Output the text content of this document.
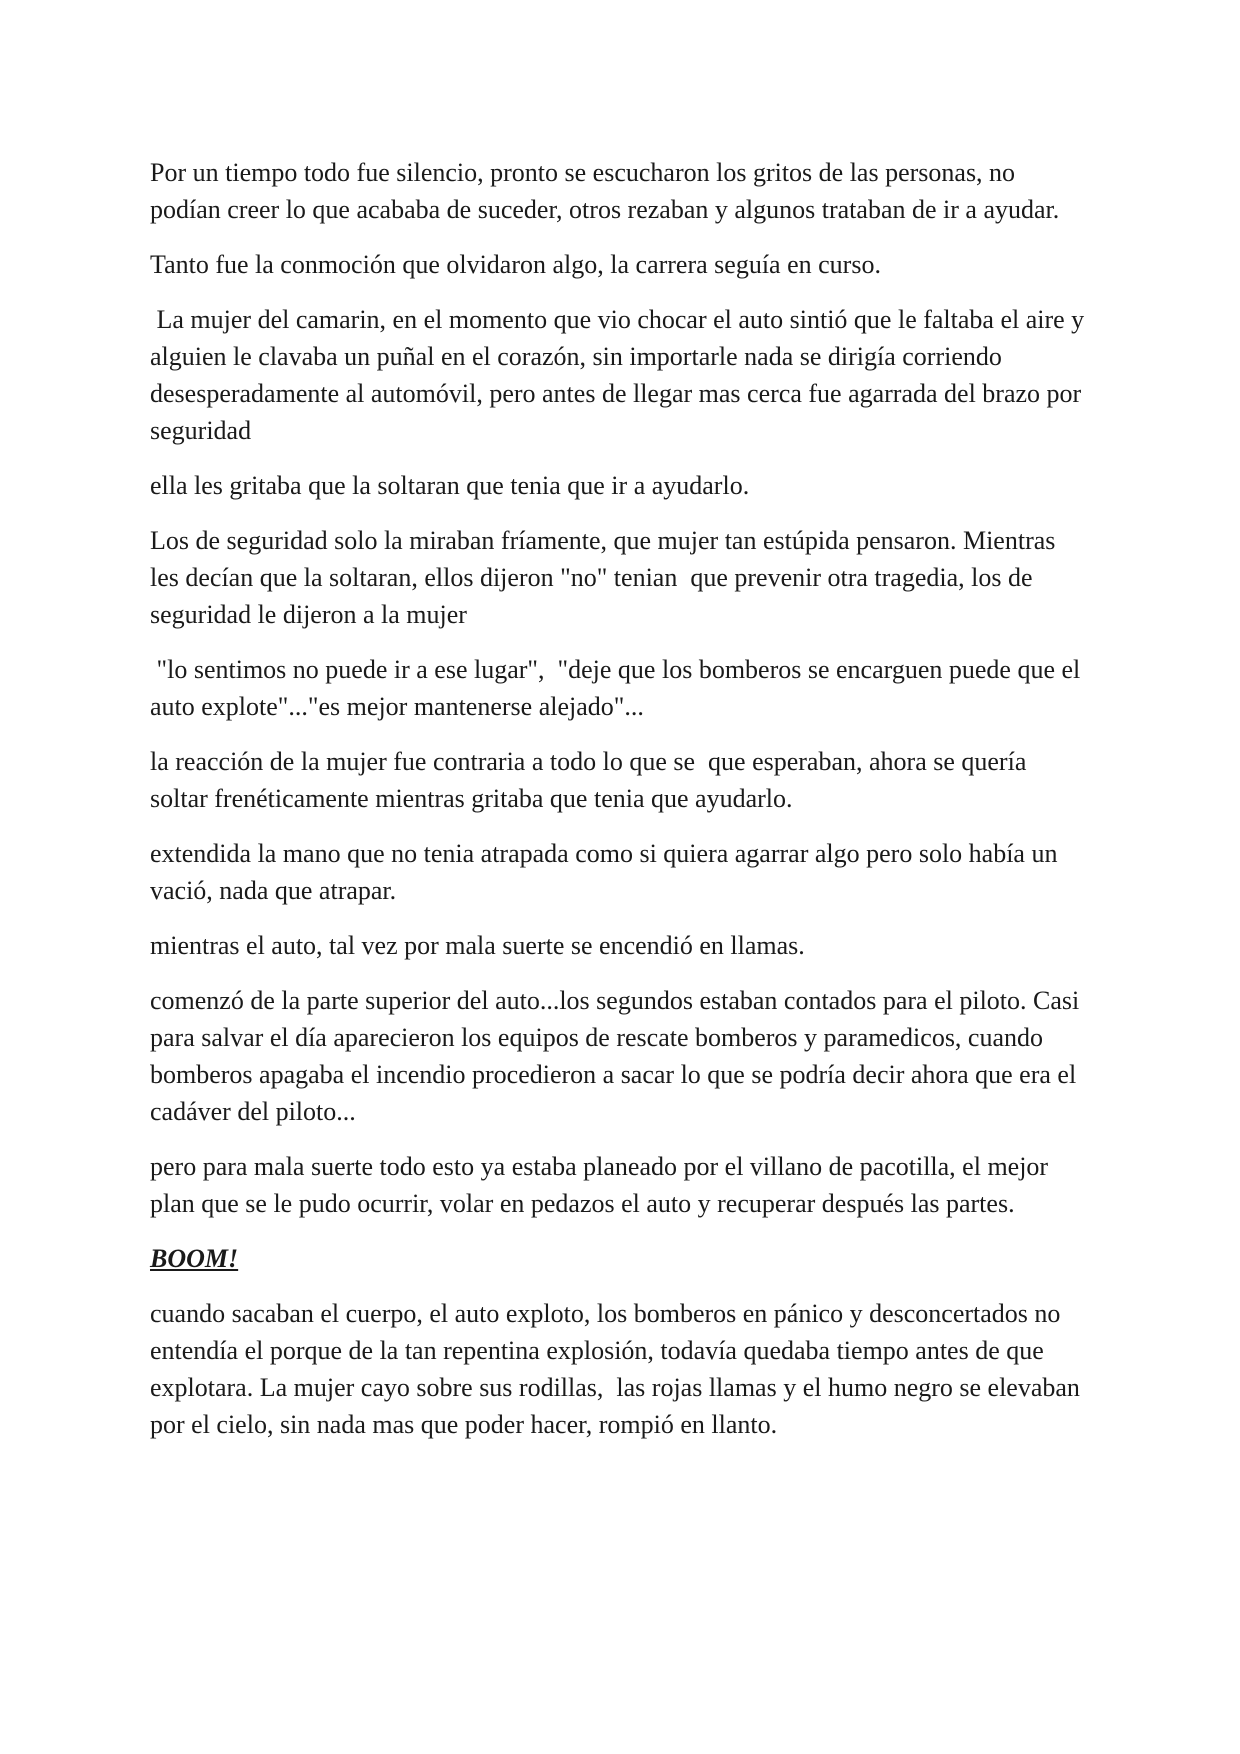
Por un tiempo todo fue silencio, pronto se escucharon los gritos de las personas, no podían creer lo que acababa de suceder, otros rezaban y algunos trataban de ir a ayudar.

Tanto fue la conmoción que olvidaron algo, la carrera seguía en curso.

La mujer del camarin, en el momento que vio chocar el auto sintió que le faltaba el aire y alguien le clavaba un puñal en el corazón, sin importarle nada se dirigía corriendo desesperadamente al automóvil, pero antes de llegar mas cerca fue agarrada del brazo por seguridad

ella les gritaba que la soltaran que tenia que ir a ayudarlo.

Los de seguridad solo la miraban fríamente, que mujer tan estúpida pensaron. Mientras les decían que la soltaran, ellos dijeron "no" tenian  que prevenir otra tragedia, los de seguridad le dijeron a la mujer

"lo sentimos no puede ir a ese lugar",  "deje que los bomberos se encarguen puede que el auto explote"..."es mejor mantenerse alejado"...

la reacción de la mujer fue contraria a todo lo que se  que esperaban, ahora se quería soltar frenéticamente mientras gritaba que tenia que ayudarlo.

extendida la mano que no tenia atrapada como si quiera agarrar algo pero solo había un vació, nada que atrapar.

mientras el auto, tal vez por mala suerte se encendió en llamas.

comenzó de la parte superior del auto...los segundos estaban contados para el piloto. Casi para salvar el día aparecieron los equipos de rescate bomberos y paramedicos, cuando bomberos apagaba el incendio procedieron a sacar lo que se podría decir ahora que era el cadáver del piloto...

pero para mala suerte todo esto ya estaba planeado por el villano de pacotilla, el mejor plan que se le pudo ocurrir, volar en pedazos el auto y recuperar después las partes.

BOOM!

cuando sacaban el cuerpo, el auto exploto, los bomberos en pánico y desconcertados no entendía el porque de la tan repentina explosión, todavía quedaba tiempo antes de que explotara. La mujer cayo sobre sus rodillas,  las rojas llamas y el humo negro se elevaban por el cielo, sin nada mas que poder hacer, rompió en llanto.
